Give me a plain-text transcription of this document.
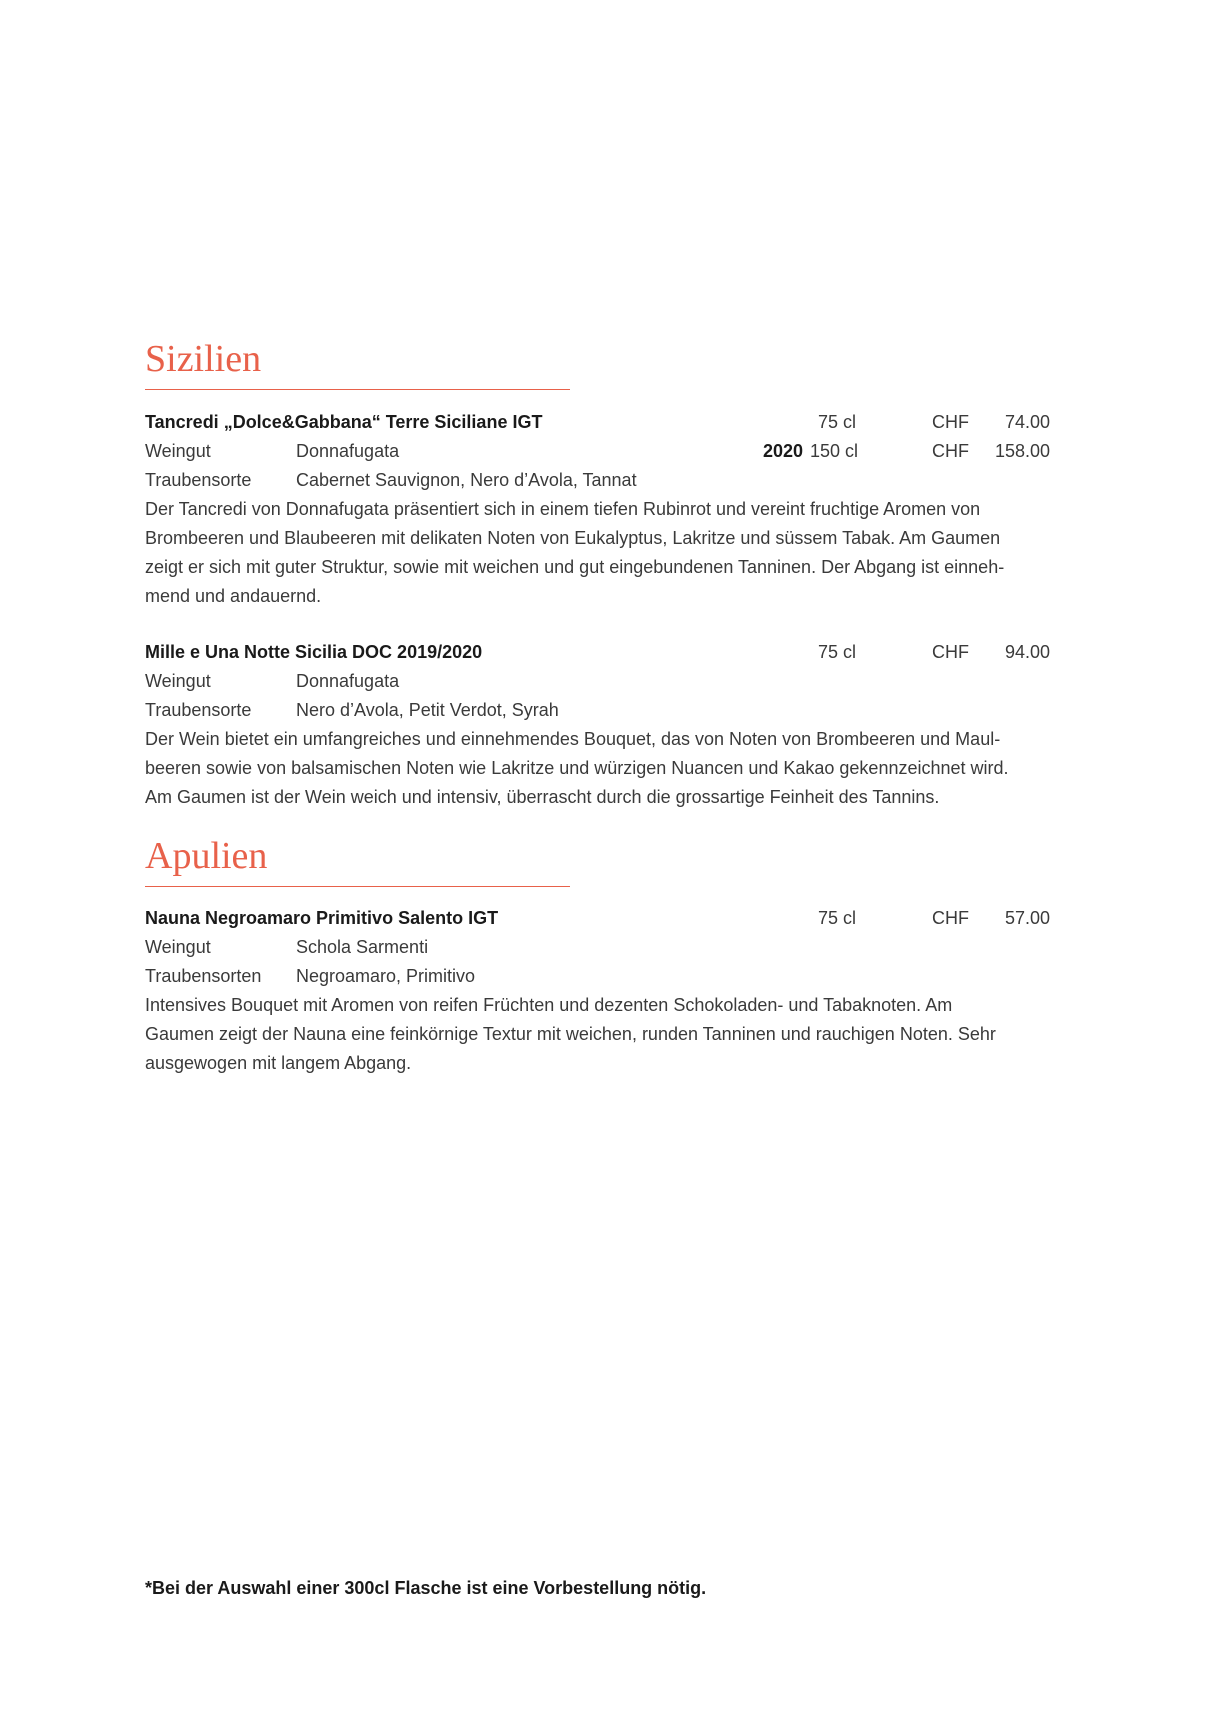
Sizilien
Tancredi „Dolce&Gabbana“ Terre Siciliane IGT	75 cl	CHF	74.00
Weingut	Donnafugata	2020 150 cl	CHF	158.00
Traubensorte Cabernet Sauvignon, Nero d’Avola, Tannat
Der Tancredi von Donnafugata präsentiert sich in einem tiefen Rubinrot und vereint fruchtige Aromen von
Brombeeren und Blaubeeren mit delikaten Noten von Eukalyptus, Lakritze und süssem Tabak. Am Gaumen
zeigt er sich mit guter Struktur, sowie mit weichen und gut eingebundenen Tanninen. Der Abgang ist einneh-
mend und andauernd.
Mille e Una Notte Sicilia DOC 2019/2020	75 cl	CHF	94.00
Weingut	Donnafugata
Traubensorte Nero d’Avola, Petit Verdot, Syrah
Der Wein bietet ein umfangreiches und einnehmendes Bouquet, das von Noten von Brombeeren und Maul-
beeren sowie von balsamischen Noten wie Lakritze und würzigen Nuancen und Kakao gekennzeichnet wird.
Am Gaumen ist der Wein weich und intensiv, überrascht durch die grossartige Feinheit des Tannins.
Apulien
Nauna Negroamaro Primitivo Salento IGT	75 cl	CHF	57.00
Weingut	Schola Sarmenti
Traubensorten Negroamaro, Primitivo
Intensives Bouquet mit Aromen von reifen Früchten und dezenten Schokoladen- und Tabaknoten. Am
Gaumen zeigt der Nauna eine feinkörnige Textur mit weichen, runden Tanninen und rauchigen Noten. Sehr
ausgewogen mit langem Abgang.
*Bei der Auswahl einer 300cl Flasche ist eine Vorbestellung nötig.
